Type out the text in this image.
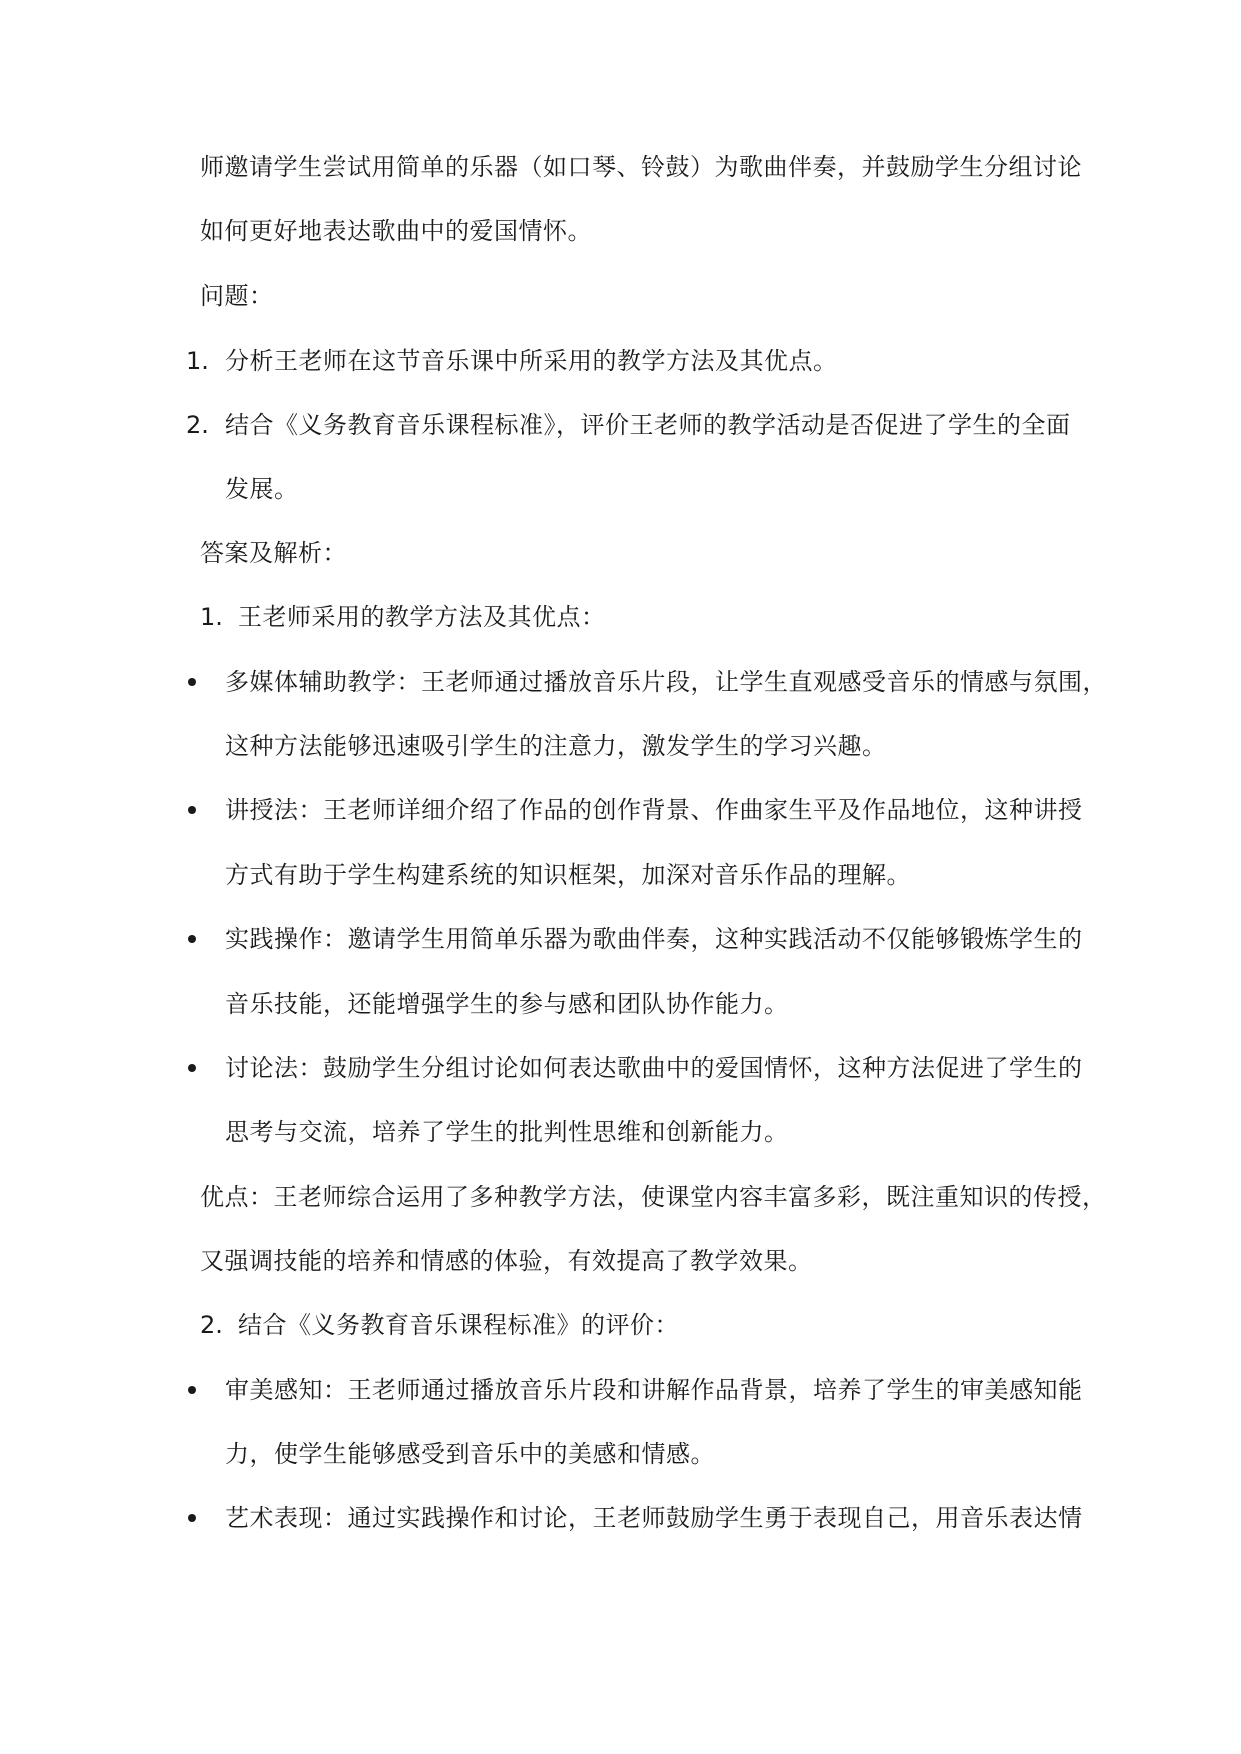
师邀请学生尝试用简单的乐器（如口琴、铃鼓）为歌曲伴奏，并鼓励学生分组讨论
如何更好地表达歌曲中的爱国情怀。
问题：
1. 分析王老师在这节音乐课中所采用的教学方法及其优点。
2. 结合《义务教育音乐课程标准》，评价王老师的教学活动是否促进了学生的全面
发展。
答案及解析：
1. 王老师采用的教学方法及其优点：
多媒体辅助教学：王老师通过播放音乐片段，让学生直观感受音乐的情感与氛围，
这种方法能够迅速吸引学生的注意力，激发学生的学习兴趣。
讲授法：王老师详细介绍了作品的创作背景、作曲家生平及作品地位，这种讲授
方式有助于学生构建系统的知识框架，加深对音乐作品的理解。
实践操作：邀请学生用简单乐器为歌曲伴奏，这种实践活动不仅能够锻炼学生的
音乐技能，还能增强学生的参与感和团队协作能力。
讨论法：鼓励学生分组讨论如何表达歌曲中的爱国情怀，这种方法促进了学生的
思考与交流，培养了学生的批判性思维和创新能力。
优点：王老师综合运用了多种教学方法，使课堂内容丰富多彩，既注重知识的传授，
又强调技能的培养和情感的体验，有效提高了教学效果。
2. 结合《义务教育音乐课程标准》的评价：
审美感知：王老师通过播放音乐片段和讲解作品背景，培养了学生的审美感知能
力，使学生能够感受到音乐中的美感和情感。
艺术表现：通过实践操作和讨论，王老师鼓励学生勇于表现自己，用音乐表达情
